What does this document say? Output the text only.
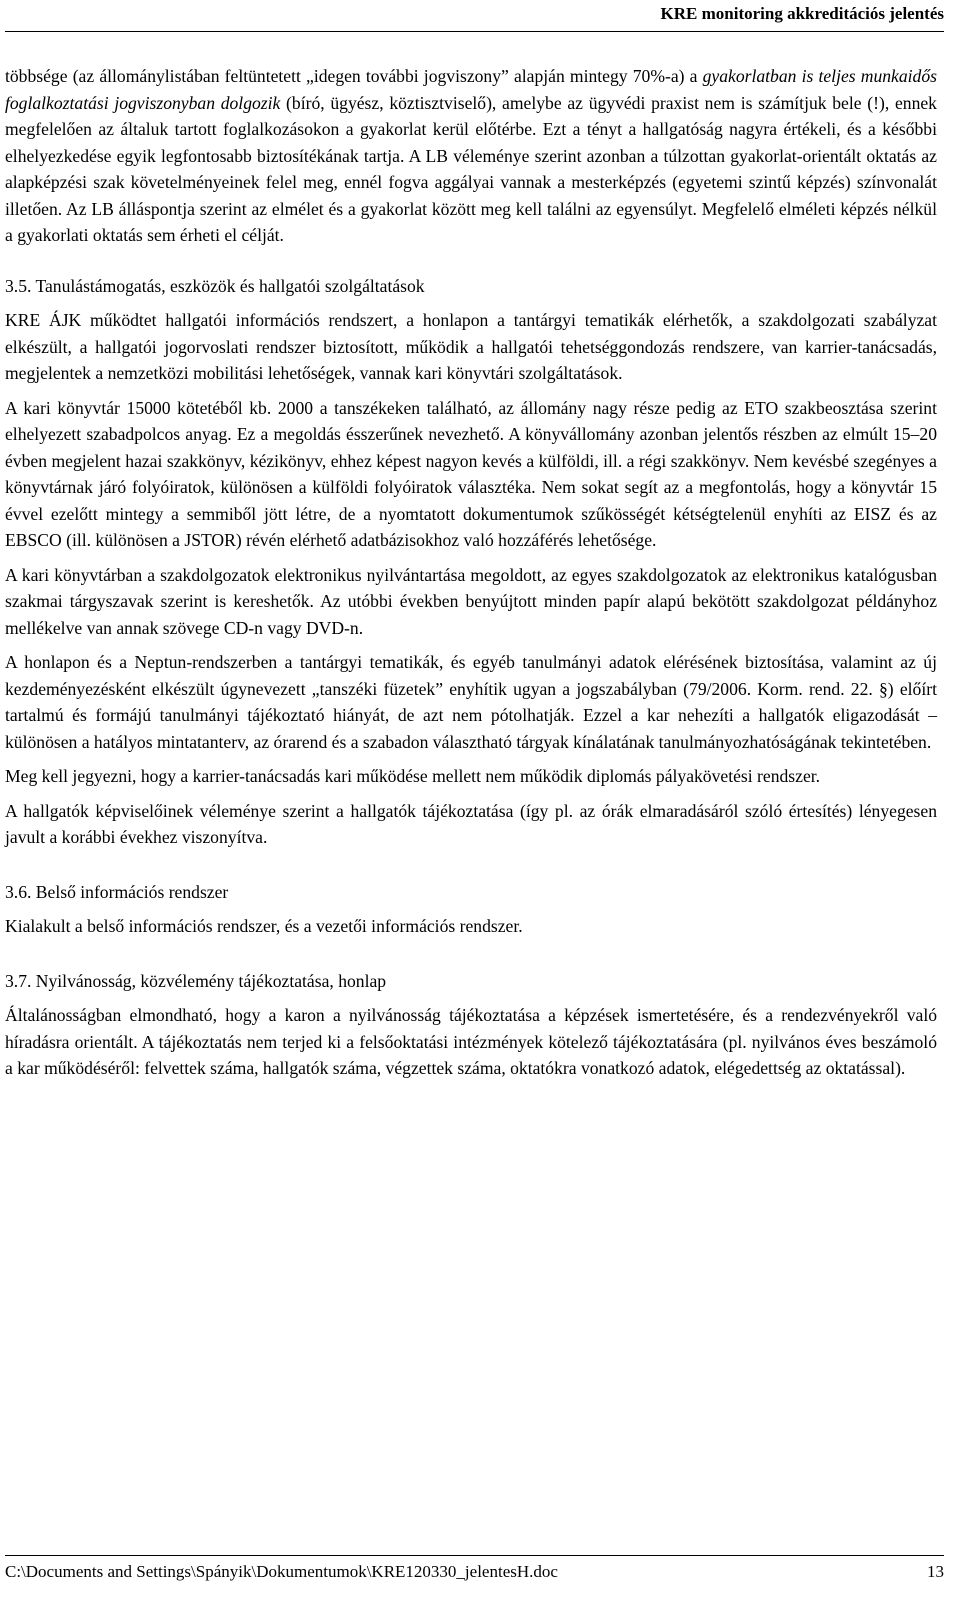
KRE monitoring akkreditációs jelentés

többsége (az állománylistában feltüntetett „idegen további jogviszony” alapján mintegy 70%-a) a gyakorlatban is teljes munkaidős foglalkoztatási jogviszonyban dolgozik (bíró, ügyész, köztisztviselő), amelybe az ügyvédi praxist nem is számítjuk bele (!), ennek megfelelően az általuk tartott foglalkozásokon a gyakorlat kerül előtérbe. Ezt a tényt a hallgatóság nagyra értékeli, és a későbbi elhelyezkedése egyik legfontosabb biztosítékának tartja. A LB véleménye szerint azonban a túlzottan gyakorlat-orientált oktatás az alapképzési szak követelményeinek felel meg, ennél fogva aggályai vannak a mesterképzés (egyetemi szintű képzés) színvonalát illetően. Az LB álláspontja szerint az elmélet és a gyakorlat között meg kell találni az egyensúlyt. Megfelelő elméleti képzés nélkül a gyakorlati oktatás sem érheti el célját.

3.5. Tanulástámogatás, eszközök és hallgatói szolgáltatások

KRE ÁJK működtet hallgatói információs rendszert, a honlapon a tantárgyi tematikák elérhetők, a szakdolgozati szabályzat elkészült, a hallgatói jogorvoslati rendszer biztosított, működik a hallgatói tehetséggondozás rendszere, van karrier-tanácsadás, megjelentek a nemzetközi mobilitási lehetőségek, vannak kari könyvtári szolgáltatások.

A kari könyvtár 15000 kötetéből kb. 2000 a tanszékeken található, az állomány nagy része pedig az ETO szakbeosztása szerint elhelyezett szabadpolcos anyag. Ez a megoldás ésszerűnek nevezhető. A könyvállomány azonban jelentős részben az elmúlt 15–20 évben megjelent hazai szakkönyv, kézikönyv, ehhez képest nagyon kevés a külföldi, ill. a régi szakkönyv. Nem kevésbé szegényes a könyvtárnak járó folyóiratok, különösen a külföldi folyóiratok választéka. Nem sokat segít az a megfontolás, hogy a könyvtár 15 évvel ezelőtt mintegy a semmiből jött létre, de a nyomtatott dokumentumok szűkösségét kétségtelenül enyhíti az EISZ és az EBSCO (ill. különösen a JSTOR) révén elérhető adatbázisokhoz való hozzáférés lehetősége.

A kari könyvtárban a szakdolgozatok elektronikus nyilvántartása megoldott, az egyes szakdolgozatok az elektronikus katalógusban szakmai tárgyszavak szerint is kereshetők. Az utóbbi években benyújtott minden papír alapú bekötött szakdolgozat példányhoz mellékelve van annak szövege CD-n vagy DVD-n.

A honlapon és a Neptun-rendszerben a tantárgyi tematikák, és egyéb tanulmányi adatok elérésének biztosítása, valamint az új kezdeményezésként elkészült úgynevezett „tanszéki füzetek” enyhítik ugyan a jogszabályban (79/2006. Korm. rend. 22. §) előírt tartalmú és formájú tanulmányi tájékoztató hiányát, de azt nem pótolhatják. Ezzel a kar nehezíti a hallgatók eligazodását – különösen a hatályos mintatanterv, az órarend és a szabadon választható tárgyak kínálatának tanulmányozhatóságának tekintetében.

Meg kell jegyezni, hogy a karrier-tanácsadás kari működése mellett nem működik diplomás pályakövetési rendszer.

A hallgatók képviselőinek véleménye szerint a hallgatók tájékoztatása (így pl. az órák elmaradásáról szóló értesítés) lényegesen javult a korábbi évekhez viszonyítva.

3.6. Belső információs rendszer

Kialakult a belső információs rendszer, és a vezetői információs rendszer.

3.7. Nyilvánosság, közvélemény tájékoztatása, honlap

Általánosságban elmondható, hogy a karon a nyilvánosság tájékoztatása a képzések ismertetésére, és a rendezvényekről való híradásra orientált. A tájékoztatás nem terjed ki a felsőoktatási intézmények kötelező tájékoztatására (pl. nyilvános éves beszámoló a kar működéséről: felvettek száma, hallgatók száma, végzettek száma, oktatókra vonatkozó adatok, elégedettség az oktatással).

C:\Documents and Settings\Spányik\Dokumentumok\KRE120330_jelentesH.doc	13
